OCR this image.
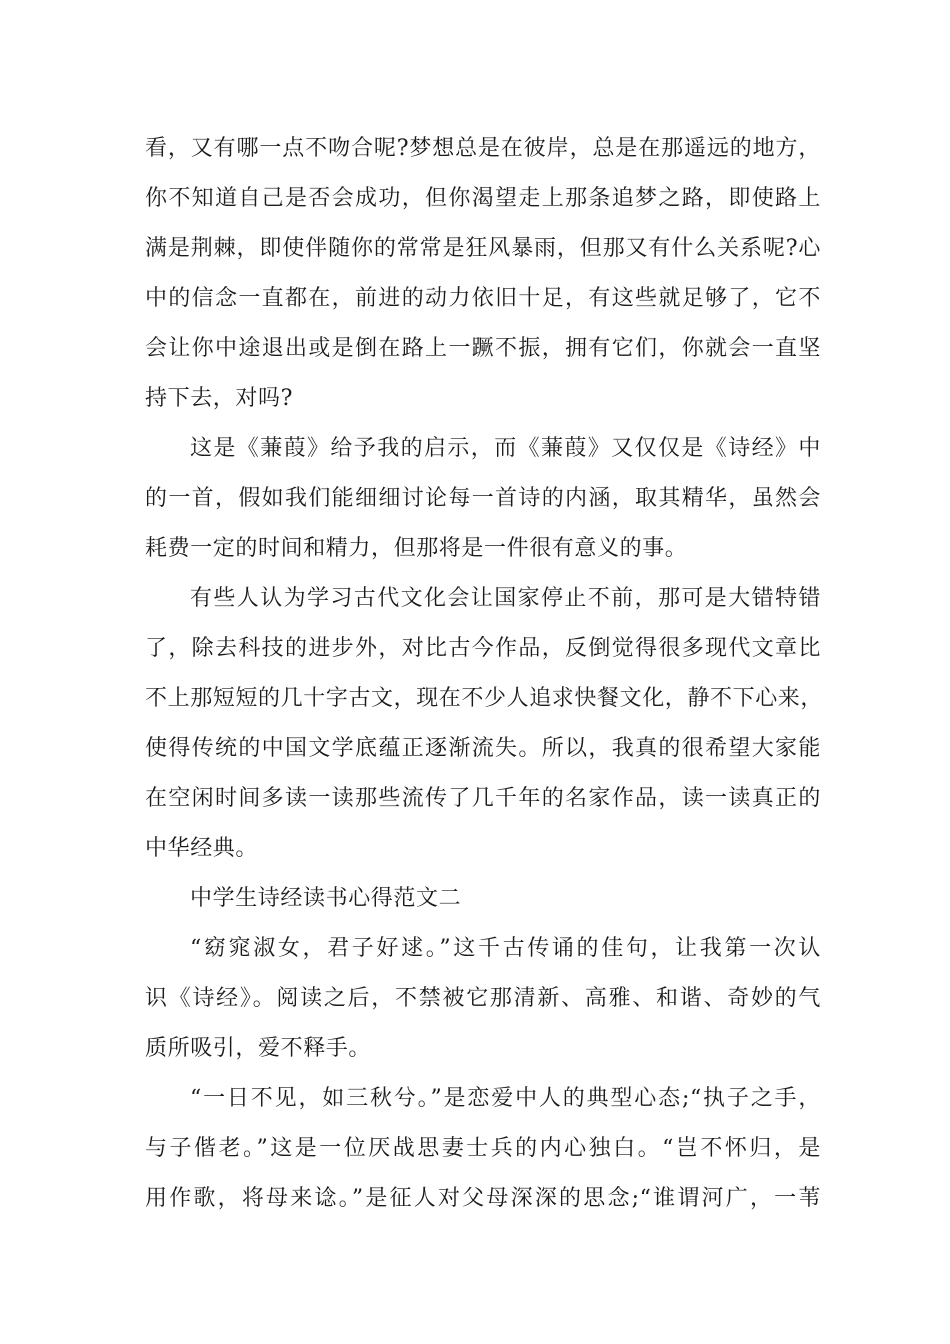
看，又有哪一点不吻合呢?梦想总是在彼岸，总是在那遥远的地方，
你不知道自己是否会成功，但你渴望走上那条追梦之路，即使路上
满是荆棘，即使伴随你的常常是狂风暴雨，但那又有什么关系呢?心
中的信念一直都在，前进的动力依旧十足，有这些就足够了，它不
会让你中途退出或是倒在路上一蹶不振，拥有它们，你就会一直坚
持下去，对吗?
这是《蒹葭》给予我的启示，而《蒹葭》又仅仅是《诗经》中
的一首，假如我们能细细讨论每一首诗的内涵，取其精华，虽然会
耗费一定的时间和精力，但那将是一件很有意义的事。
有些人认为学习古代文化会让国家停止不前，那可是大错特错
了，除去科技的进步外，对比古今作品，反倒觉得很多现代文章比
不上那短短的几十字古文，现在不少人追求快餐文化，静不下心来，
使得传统的中国文学底蕴正逐渐流失。所以，我真的很希望大家能
在空闲时间多读一读那些流传了几千年的名家作品，读一读真正的
中华经典。
中学生诗经读书心得范文二
“窈窕淑女，君子好逑。”这千古传诵的佳句，让我第一次认
识《诗经》。阅读之后，不禁被它那清新、高雅、和谐、奇妙的气
质所吸引，爱不释手。
“一日不见，如三秋兮。”是恋爱中人的典型心态;“执子之手，
与子偕老。”这是一位厌战思妻士兵的内心独白。“岂不怀归，是
用作歌，将母来谂。”是征人对父母深深的思念;“谁谓河广，一苇
